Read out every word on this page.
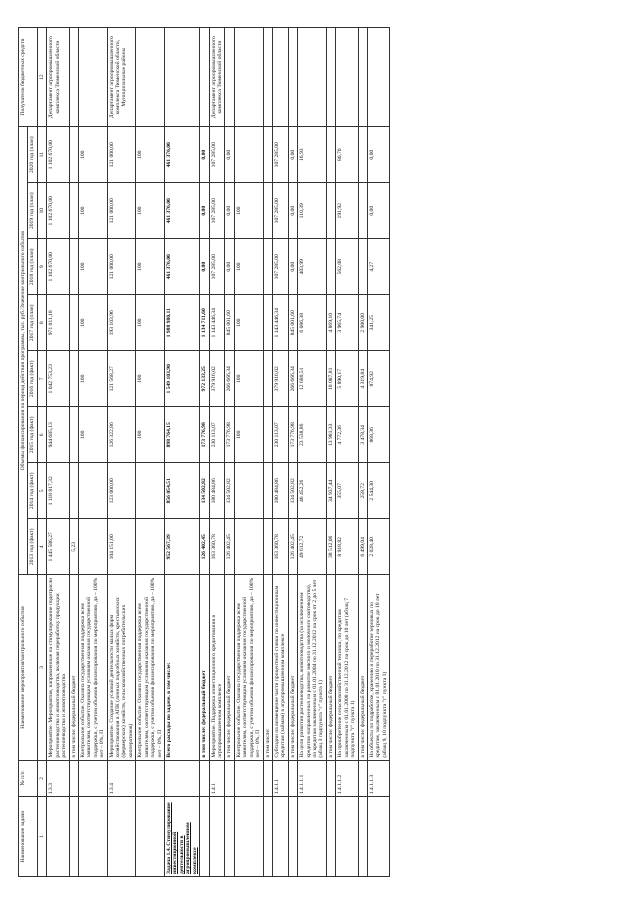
Наименование задачи	№ п/п	Наименование мероприятия/контрольного события	Объемы финансирования на период действия программы, тыс. руб./Значение контрольного события								Получатели бюджетных средств
			2013 год (факт)	2014 год (факт)	2015 год (факт)	2016 год (факт)	2017 год (план)	2018 год (план)	2019 год (план)	2020 год (план)	
1	2	3	4	5	6	7	8	9	10	11	12
	1.3.3	Мероприятие. Мероприятия, направленные на стимулирование подотрасли растениеводства и животноводства, включая переработку продукции растениеводства и животноводства	1 445 586,27	1 118 817,32	944 685,13	1 042 753,23	971 011,18	1 102 670,00	1 102 670,00	1 102 670,00	Департамент агропромышленного комплекса Тюменской области
		в том числе: федеральный бюджет	5,23								
		Контрольное событие. Оказана государственная поддержка всем заявителям, соответствующим условиям оказания государственной поддержки, с учетом объемов финансирования по мероприятию, да – 100% нет – 0%, П			100	100	100	100	100	100	
	1.3.4	Мероприятие. Создание условий деятельности малых форм хозяйствования в АПК (личных подсобных хозяйств, крестьянских (фермерских) хозяйств, сельскохозяйственных потребительских кооперативов)	104 151,00	123 000,00	126 322,86	121 568,27	193 103,96	121 000,00	121 000,00	121 000,00	Департамент агропромышленного комплекса Тюменской области, Муниципальные районы
		Контрольное событие. Оказана государственная поддержка всем заявителям, соответствующим условиям оказания государственной поддержки, с учетом объемов финансирования по мероприятию, да – 100% нет – 0%, П			100	100	100	100	100	100	
Задача 1.4. Стимулирование инвестиционной деятельности в агропромышленном комплексе		Всего расходы по задаче, в том числе:	952 567,39	856 054,51	898 764,15	1 549 103,90	1 988 980,11	461 376,00	461 376,00	461 376,00	
		в том числе: федеральный бюджет	126 402,45	134 502,82	173 776,98	972 133,25	1 134 711,60	0,00	0,00	0,00	
	1.4.1	Мероприятие. Поддержка инвестиционного кредитования в агропромышленном комплексе	163 360,78	180 484,86	230 113,07	379 916,02	1 143 446,34	107 285,00	107 285,00	107 285,00	Департамент агропромышленного комплекса Тюменской области
		в том числе: федеральный бюджет	126 402,45	134 502,82	173 776,98	266 666,34	845 001,60	0,00	0,00	0,00	
		Контрольное событие. Оказана государственная поддержка всем заявителям, соответствующим условиям оказания государственной поддержки, с учетом объемов финансирования по мероприятию, да – 100% нет – 0%, П			100	100	100	100	100		
		в том числе:									
	1.4.1.1	Субсидии на возмещение части процентной ставки по инвестиционным кредитам (займам) в агропромышленном комплексе	163 360,78	180 484,86	230 113,07	379 916,02	1 143 446,34	107 285,00	107 285,00	107 285,00	
		в том числе: федеральный бюджет	126 402,45	134 502,82	173 776,98	266 666,34	845 001,60	0,00	0,00	0,00	
	1.4.1.1.1	На цели развития растениеводства, животноводства (за исключением кредитов направленных на развитие мясного и молочного скотоводства), по кредитам заключенным с 01.01.2004 по 31.12.2012 на срок от 2 до 5 лет (абзац 3 подпункта "г" пункта 1)	49 612,72	46 452,26	23 538,86	12 680,51	6 086,38	403,99	110,39	16,93	
		в том числе: федеральный бюджет	38 512,06	34 937,44	13 981,33	10 087,81	4 869,10				
	1.4.1.1.2	На приобретение сельскохозяйственной техники, по кредитам заключенным с 01.01.2008 по 31.12.2012 на срок до 10 лет (абзац 7 подпункта "г" пункта 1)	8 918,82	355,07	4 772,36	5 890,17	3 965,74	562,08	191,92	80,70	
		в том числе: федеральный бюджет	6 499,04	258,72	3 478,34	4 319,84	2 900,00				
	1.4.1.1.3	На объекты по подработке, хранению и переработке зерновых по кредитам, заключенным с 01.01.2010 по 31.12.2012 на срок до 10 лет (абзац 9, 10 подпункта "г" пункта 1)	2 028,40	2 544,30	868,36	874,92	341,25	4,27	0,00	0,00	
